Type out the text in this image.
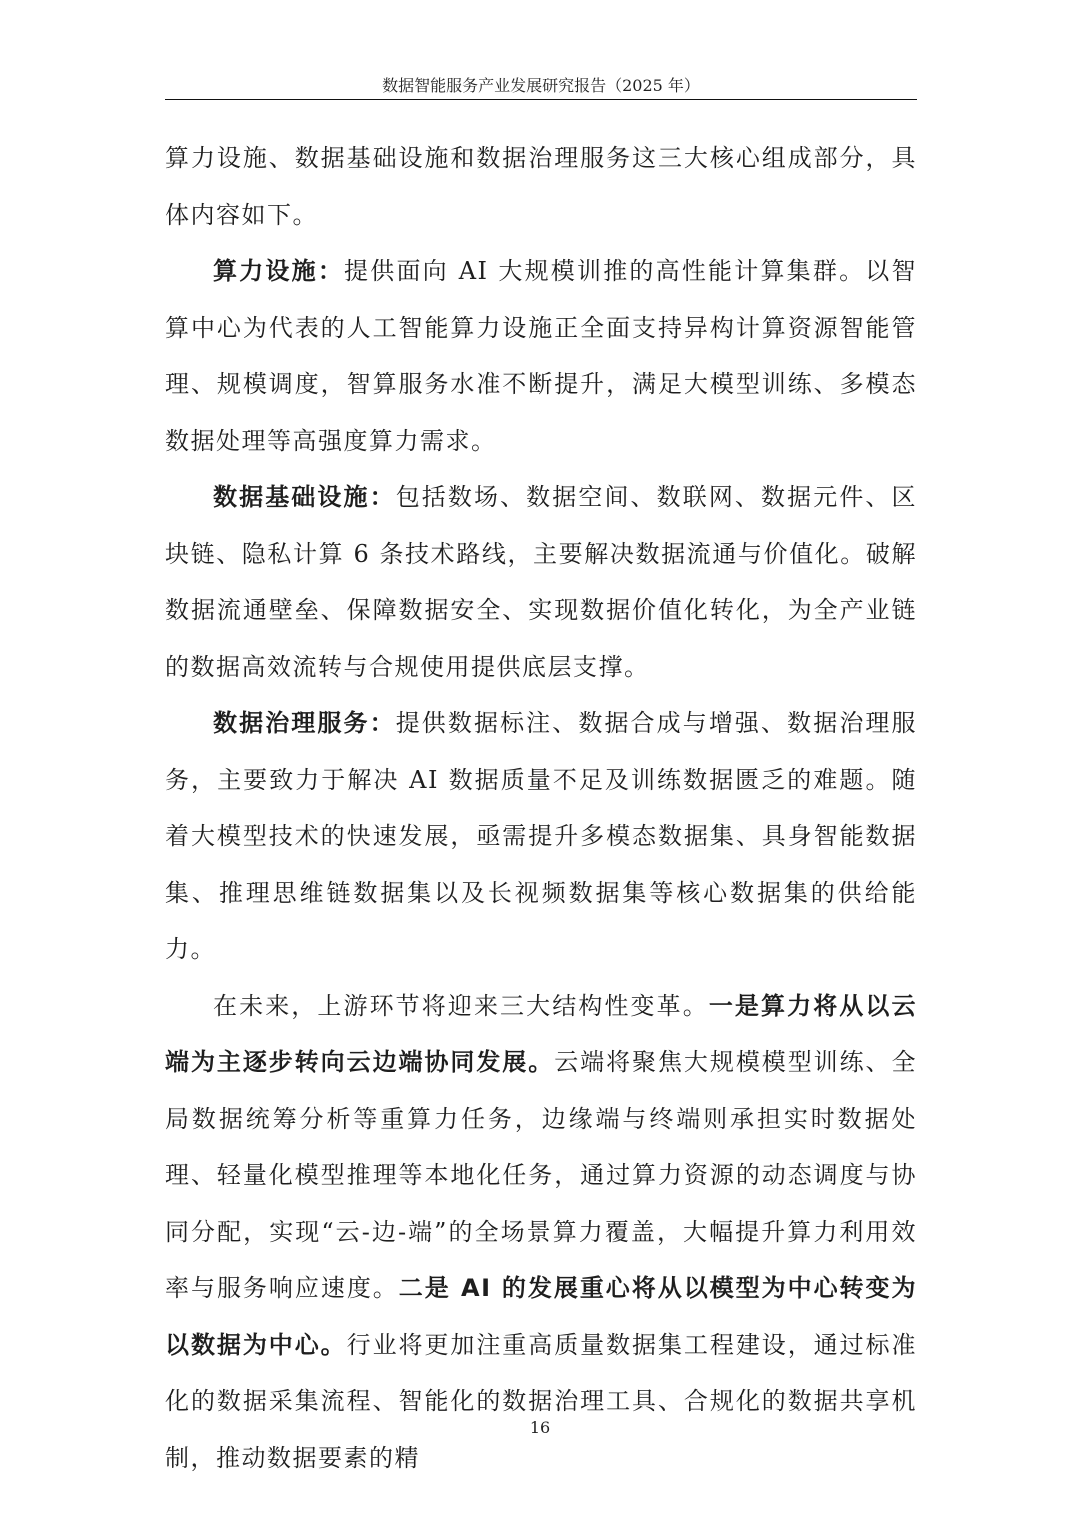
数据智能服务产业发展研究报告（2025 年）

算力设施、数据基础设施和数据治理服务这三大核心组成部分，具体内容如下。

算力设施：提供面向 AI 大规模训推的高性能计算集群。以智算中心为代表的人工智能算力设施正全面支持异构计算资源智能管理、规模调度，智算服务水准不断提升，满足大模型训练、多模态数据处理等高强度算力需求。

数据基础设施：包括数场、数据空间、数联网、数据元件、区块链、隐私计算 6 条技术路线，主要解决数据流通与价值化。破解数据流通壁垒、保障数据安全、实现数据价值化转化，为全产业链的数据高效流转与合规使用提供底层支撑。

数据治理服务：提供数据标注、数据合成与增强、数据治理服务，主要致力于解决 AI 数据质量不足及训练数据匮乏的难题。随着大模型技术的快速发展，亟需提升多模态数据集、具身智能数据集、推理思维链数据集以及长视频数据集等核心数据集的供给能力。

在未来，上游环节将迎来三大结构性变革。一是算力将从以云端为主逐步转向云边端协同发展。云端将聚焦大规模模型训练、全局数据统筹分析等重算力任务，边缘端与终端则承担实时数据处理、轻量化模型推理等本地化任务，通过算力资源的动态调度与协同分配，实现“云-边-端”的全场景算力覆盖，大幅提升算力利用效率与服务响应速度。二是 AI 的发展重心将从以模型为中心转变为以数据为中心。行业将更加注重高质量数据集工程建设，通过标准化的数据采集流程、智能化的数据治理工具、合规化的数据共享机制，推动数据要素的精

16
